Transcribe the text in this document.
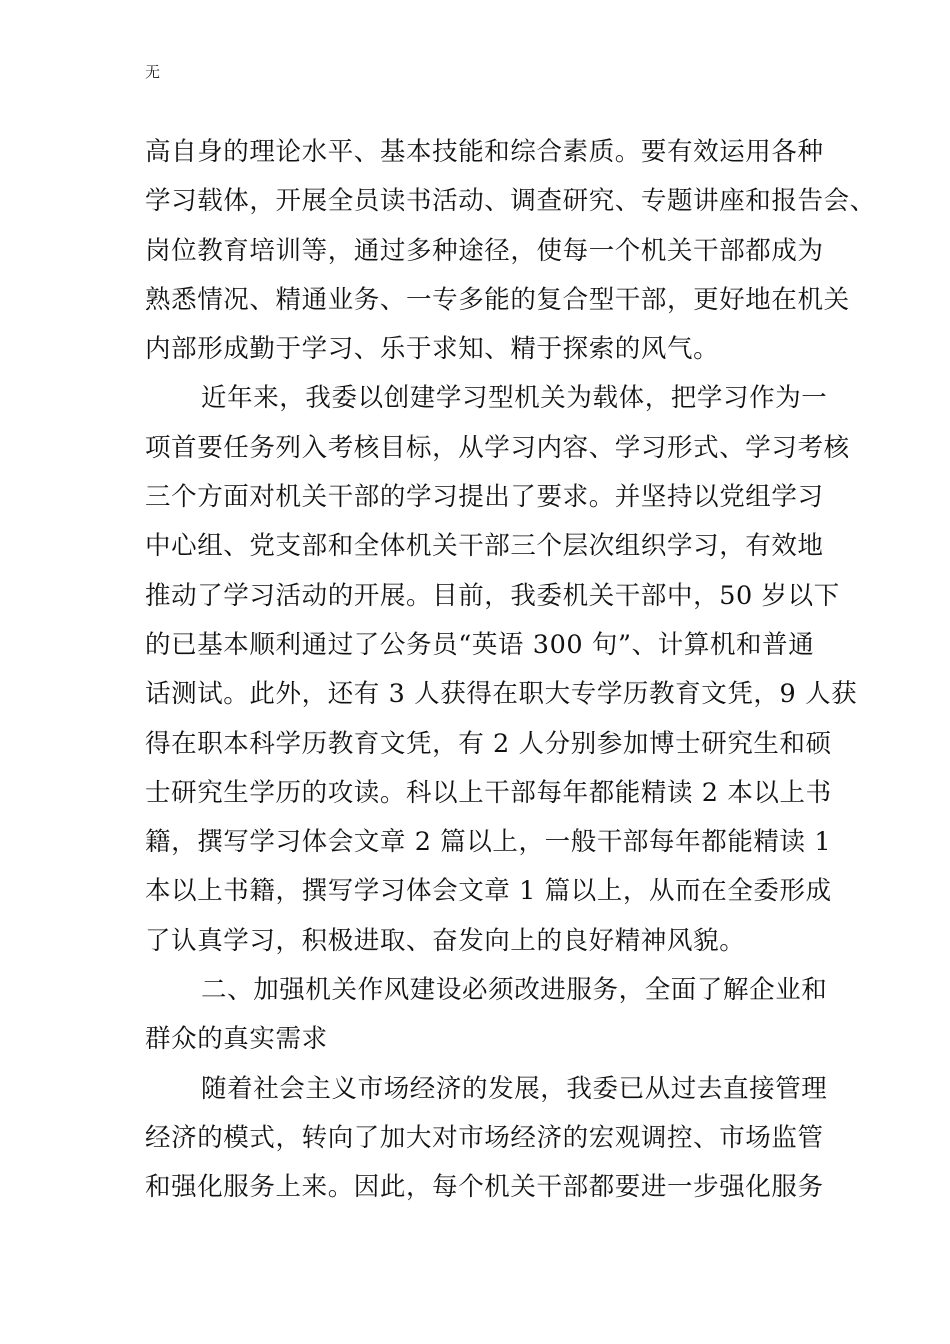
无
高自身的理论水平、基本技能和综合素质。要有效运用各种
学习载体，开展全员读书活动、调查研究、专题讲座和报告会、
岗位教育培训等，通过多种途径，使每一个机关干部都成为
熟悉情况、精通业务、一专多能的复合型干部，更好地在机关
内部形成勤于学习、乐于求知、精于探索的风气。
近年来，我委以创建学习型机关为载体，把学习作为一
项首要任务列入考核目标，从学习内容、学习形式、学习考核
三个方面对机关干部的学习提出了要求。并坚持以党组学习
中心组、党支部和全体机关干部三个层次组织学习，有效地
推动了学习活动的开展。目前，我委机关干部中，50 岁以下
的已基本顺利通过了公务员“英语 300 句”、计算机和普通
话测试。此外，还有 3 人获得在职大专学历教育文凭，9 人获
得在职本科学历教育文凭，有 2 人分别参加博士研究生和硕
士研究生学历的攻读。科以上干部每年都能精读 2 本以上书
籍，撰写学习体会文章 2 篇以上，一般干部每年都能精读 1
本以上书籍，撰写学习体会文章 1 篇以上，从而在全委形成
了认真学习，积极进取、奋发向上的良好精神风貌。
二、加强机关作风建设必须改进服务，全面了解企业和
群众的真实需求
随着社会主义市场经济的发展，我委已从过去直接管理
经济的模式，转向了加大对市场经济的宏观调控、市场监管
和强化服务上来。因此，每个机关干部都要进一步强化服务
